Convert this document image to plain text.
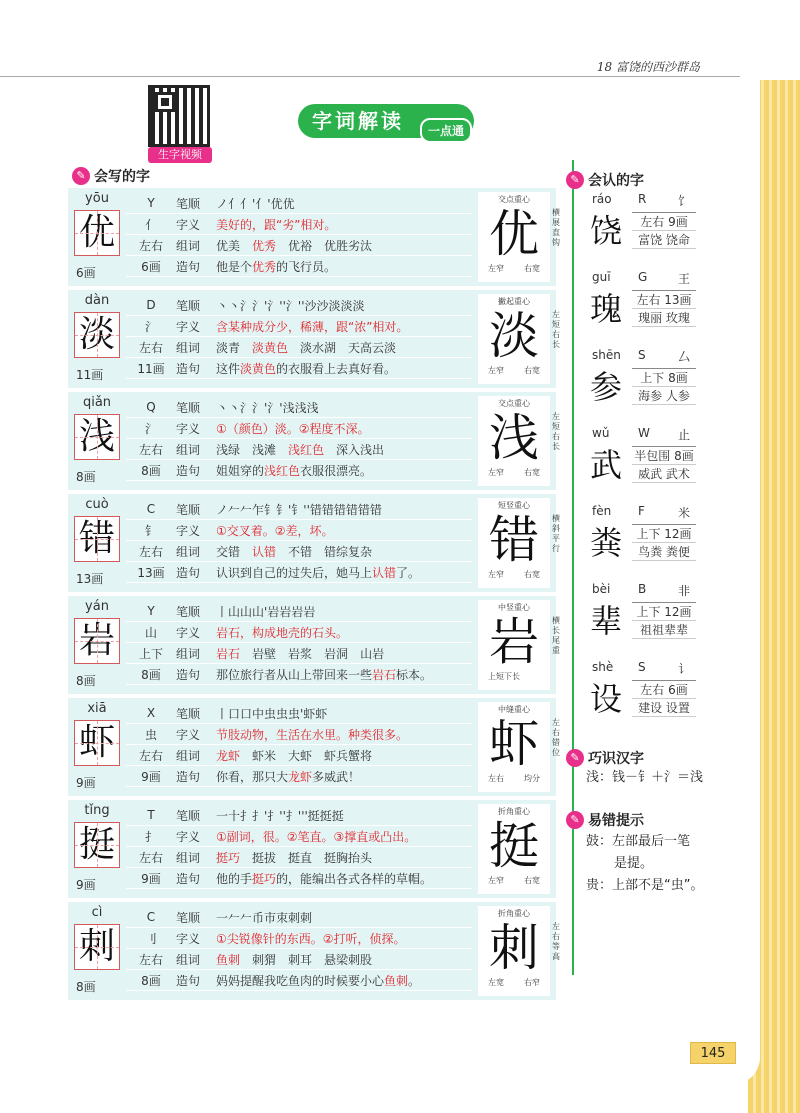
18 富饶的西沙群岛
生字视频
字词解读	一点通
✎ 会写的字
yōu
优
6画
Y	笔顺	ノ亻亻'亻'优优
亻	字义	美好的，跟“劣”相对。
左右	组词	优美 优秀 优裕 优胜劣汰
6画	造句	他是个优秀的飞行员。
交点重心
优
左窄	右宽
横展直钩
dàn
淡
11画
D	笔顺	丶丶氵氵'氵''氵''沙沙淡淡淡
氵	字义	含某种成分少，稀薄，跟“浓”相对。
左右	组词	淡青 淡黄色 淡水湖 天高云淡
11画 造句	这件淡黄色的衣服看上去真好看。
撇起重心
淡
左窄	右宽
左短右长
qiǎn
浅
8画
Q	笔顺	丶丶氵氵'氵'浅浅浅
氵	字义	①（颜色）淡。②程度不深。
左右	组词	浅绿 浅滩 浅红色 深入浅出
8画	造句	姐姐穿的浅红色衣服很漂亮。
交点重心
浅
左窄	右宽
左短右长
cuò
错
13画
C	笔顺	ノ𠂉𠂉乍钅钅'钅''错错错错错错
钅	字义	①交叉着。②差，坏。
左右	组词	交错 认错 不错 错综复杂
13画 造句	认识到自己的过失后，她马上认错了。
短竖重心
错
左窄	右宽
横斜平行
yán
岩
8画
Y	笔顺	丨山山山'岩岩岩岩
山	字义	岩石，构成地壳的石头。
上下	组词	岩石 岩壁 岩浆 岩洞 山岩
8画	造句	那位旅行者从山上带回来一些岩石标本。
中竖重心
岩
上短下长
横长尾重
xiā
虾
9画
X	笔顺	丨口口中虫虫虫'虾虾
虫	字义	节肢动物，生活在水里。种类很多。
左右	组词	龙虾 虾米 大虾 虾兵蟹将
9画	造句	你看，那只大龙虾多威武！
中缝重心
虾
左右	均分
左右错位
tǐng
挺
9画
T	笔顺	一十扌扌'扌''扌'''挺挺挺
扌	字义	①副词，很。②笔直。③撑直或凸出。
左右	组词	挺巧 挺拔 挺直 挺胸抬头
9画	造句	他的手挺巧的，能编出各式各样的草帽。
折角重心
挺
左窄	右宽
cì
刺
8画
C	笔顺	一𠂉𠂉币市朿刺刺
刂	字义	①尖锐像针的东西。②打听，侦探。
左右	组词	鱼刺 刺猬 刺耳 悬梁刺股
8画	造句	妈妈提醒我吃鱼肉的时候要小心鱼刺。
折角重心
刺
左宽	右窄
左右等高
✎ 会认的字
ráo R	饣
饶	左右 9画
富饶 饶命
guī G	王
瑰	左右 13画
瑰丽 玫瑰
shēn S	厶
参	上下 8画
海参 人参
wǔ W 止
武 半包围 8画
威武 武术
fèn F	米
粪	上下 12画
鸟粪 粪便
bèi B	非
辈	上下 12画
祖祖辈辈
shè S	讠
设	左右 6画
建设 设置
✎ 巧识汉字
浅：钱－钅＋氵＝浅
✎ 易错提示
鼓：左部最后一笔
是提。
贵：上部不是“虫”。
145
